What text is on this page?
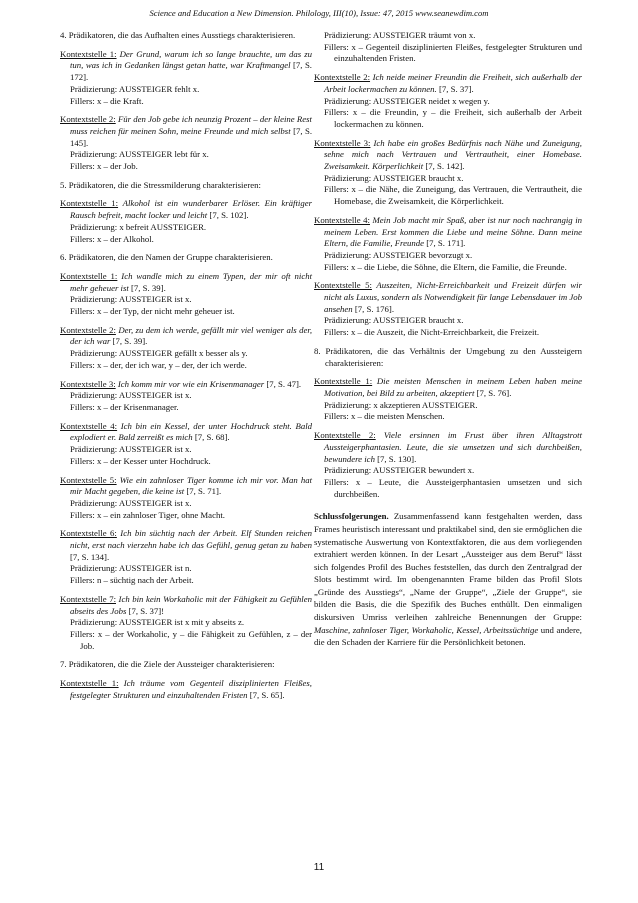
Science and Education a New Dimension. Philology, III(10), Issue: 47, 2015 www.seanewdim.com
4. Prädikatoren, die das Aufhalten eines Ausstiegs charakterisieren.
Kontextstelle 1: Der Grund, warum ich so lange brauchte, um das zu tun, was ich in Gedanken längst getan hatte, war Kraftmangel [7, S. 172].
Prädizierung: AUSSTEIGER fehlt x.
Fillers: x – die Kraft.
Kontextstelle 2: Für den Job gebe ich neunzig Prozent – der kleine Rest muss reichen für meinen Sohn, meine Freunde und mich selbst [7, S. 145].
Prädizierung: AUSSTEIGER lebt für x.
Fillers: x – der Job.
5. Prädikatoren, die die Stressmilderung charakterisieren:
Kontextstelle 1: Alkohol ist ein wunderbarer Erlöser. Ein kräftiger Rausch befreit, macht locker und leicht [7, S. 102].
Prädizierung: x befreit AUSSTEIGER.
Fillers: x – der Alkohol.
6. Prädikatoren, die den Namen der Gruppe charakterisieren.
Kontextstelle 1: Ich wandle mich zu einem Typen, der mir oft nicht mehr geheuer ist [7, S. 39].
Prädizierung: AUSSTEIGER ist x.
Fillers: x – der Typ, der nicht mehr geheuer ist.
Kontextstelle 2: Der, zu dem ich werde, gefällt mir viel weniger als der, der ich war [7, S. 39].
Prädizierung: AUSSTEIGER gefällt x besser als y.
Fillers: x – der, der ich war, y – der, der ich werde.
Kontextstelle 3: Ich komm mir vor wie ein Krisenmanager [7, S. 47].
Prädizierung: AUSSTEIGER ist x.
Fillers: x – der Krisenmanager.
Kontextstelle 4: Ich bin ein Kessel, der unter Hochdruck steht. Bald explodiert er. Bald zerreißt es mich [7, S. 68].
Prädizierung: AUSSTEIGER ist x.
Fillers: x – der Kesser unter Hochdruck.
Kontextstelle 5: Wie ein zahnloser Tiger komme ich mir vor. Man hat mir Macht gegeben, die keine ist [7, S. 71].
Prädizierung: AUSSTEIGER ist x.
Fillers: x – ein zahnloser Tiger, ohne Macht.
Kontextstelle 6: Ich bin süchtig nach der Arbeit. Elf Stunden reichen nicht, erst nach vierzehn habe ich das Gefühl, genug getan zu haben [7, S. 134].
Prädizierung: AUSSTEIGER ist n.
Fillers: n – süchtig nach der Arbeit.
Kontextstelle 7: Ich bin kein Workaholic mit der Fähigkeit zu Gefühlen abseits des Jobs [7, S. 37]!
Prädizierung: AUSSTEIGER ist x mit y abseits z.
Fillers: x – der Workaholic, y – die Fähigkeit zu Gefühlen, z – der Job.
7. Prädikatoren, die die Ziele der Aussteiger charakterisieren:
Kontextstelle 1: Ich träume vom Gegenteil disziplinierten Fleißes, festgelegter Strukturen und einzuhaltenden Fristen [7, S. 65].
Prädizierung: AUSSTEIGER träumt von x.
Fillers: x – Gegenteil disziplinierten Fleißes, festgelegter Strukturen und einzuhaltenden Fristen.
Kontextstelle 2: Ich neide meiner Freundin die Freiheit, sich außerhalb der Arbeit lockermachen zu können. [7, S. 37].
Prädizierung: AUSSTEIGER neidet x wegen y.
Fillers: x – die Freundin, y – die Freiheit, sich außerhalb der Arbeit lockermachen zu können.
Kontextstelle 3: Ich habe ein großes Bedürfnis nach Nähe und Zuneigung, sehne mich nach Vertrauen und Vertrautheit, einer Homebase. Zweisamkeit. Körperlichkeit [7, S. 142].
Prädizierung: AUSSTEIGER braucht x.
Fillers: x – die Nähe, die Zuneigung, das Vertrauen, die Vertrautheit, die Homebase, die Zweisamkeit, die Körperlichkeit.
Kontextstelle 4: Mein Job macht mir Spaß, aber ist nur noch nachrangig in meinem Leben. Erst kommen die Liebe und meine Söhne. Dann meine Eltern, die Familie, Freunde [7, S. 171].
Prädizierung: AUSSTEIGER bevorzugt x.
Fillers: x – die Liebe, die Söhne, die Eltern, die Familie, die Freunde.
Kontextstelle 5: Auszeiten, Nicht-Erreichbarkeit und Freizeit dürfen wir nicht als Luxus, sondern als Notwendigkeit für lange Lebensdauer im Job ansehen [7, S. 176].
Prädizierung: AUSSTEIGER braucht x.
Fillers: x – die Auszeit, die Nicht-Erreichbarkeit, die Freizeit.
8. Prädikatoren, die das Verhältnis der Umgebung zu den Aussteigern charakterisieren:
Kontextstelle 1: Die meisten Menschen in meinem Leben haben meine Motivation, bei Bild zu arbeiten, akzeptiert [7, S. 76].
Prädizierung: x akzeptieren AUSSTEIGER.
Fillers: x – die meisten Menschen.
Kontextstelle 2: Viele ersinnen im Frust über ihren Alltagstrott Aussteigerphantasien. Leute, die sie umsetzen und sich durchbeißen, bewundere ich [7, S. 130].
Prädizierung: AUSSTEIGER bewundert x.
Fillers: x – Leute, die Aussteigerphantasien umsetzen und sich durchbeißen.
Schlussfolgerungen. Zusammenfassend kann festgehalten werden, dass Frames heuristisch interessant und praktikabel sind, den sie ermöglichen die systematische Auswertung von Kontextfaktoren, die aus dem vorliegenden extrahiert werden können. In der Lesart „Aussteiger aus dem Beruf“ lässt sich folgendes Profil des Buches feststellen, das durch den Zentralgrad der Slots bestimmt wird. Im obengenannten Frame bilden das Profil Slots „Gründe des Ausstiegs“, „Name der Gruppe“, „Ziele der Gruppe“, sie bilden die Basis, die die Spezifik des Buches enthüllt. Den einmaligen diskursiven Umriss verleihen zahlreiche Benennungen der Gruppe: Maschine, zahnloser Tiger, Workaholic, Kessel, Arbeitssüchtige und andere, die den Schaden der Karriere für die Persönlichkeit betonen.
11
